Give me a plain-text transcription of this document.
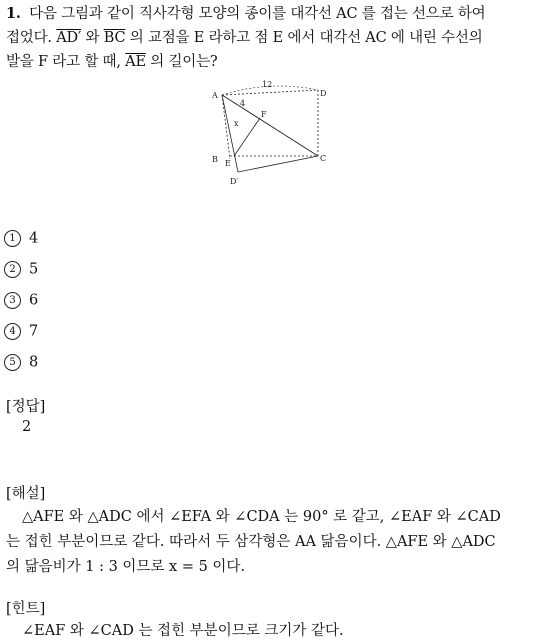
1. 다음 그림과 같이 직사각형 모양의 종이를 대각선 AC 를 접는 선으로 하여
접었다. AD′ 와 $\overline{BC}$ 의 교점을 E 라하고 점 E 에서 대각선 AC 에 내린 수선의
발을 F 라고 할 때, $\overline{AE}$ 의 길이는?
12
4
x
A	D
B	C
E
F
D′
1 4
2 5
3 6
4 7
5 8
[정답]
2
[해설]
△AFE 와 △ADC 에서 ∠EFA 와 ∠CDA 는 90° 로 같고, ∠EAF 와 ∠CAD
는 접힌 부분이므로 같다. 따라서 두 삼각형은 AA 닮음이다. △AFE 와 △ADC
의 닮음비가 1 : 3 이므로 x = 5 이다.
[힌트]
∠EAF 와 ∠CAD 는 접힌 부분이므로 크기가 같다.
